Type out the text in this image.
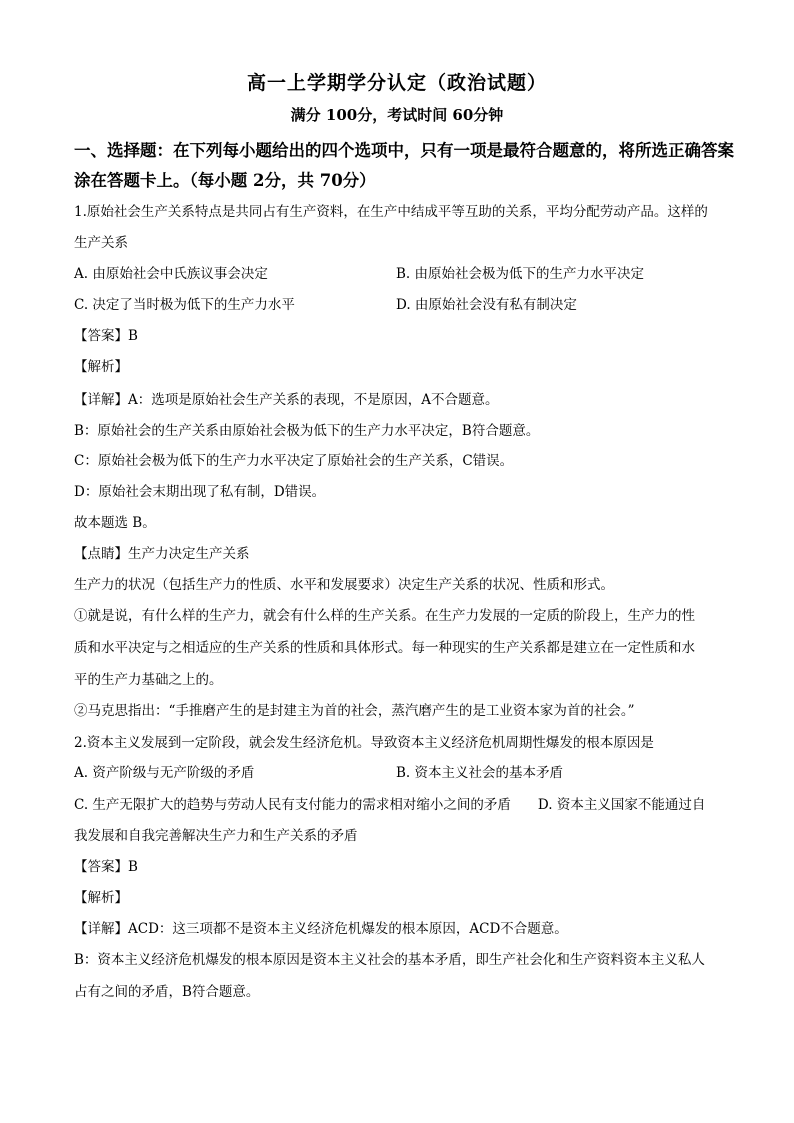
高一上学期学分认定（政治试题）
满分 100分，考试时间 60分钟
一、选择题：在下列每小题给出的四个选项中，只有一项是最符合题意的，将所选正确答案
涂在答题卡上。（每小题 2分，共 70分）
1.原始社会生产关系特点是共同占有生产资料，在生产中结成平等互助的关系，平均分配劳动产品。这样的
生产关系
A. 由原始社会中氏族议事会决定	B. 由原始社会极为低下的生产力水平决定
C. 决定了当时极为低下的生产力水平	D. 由原始社会没有私有制决定
【答案】B
【解析】
【详解】A：选项是原始社会生产关系的表现，不是原因，A不合题意。
B：原始社会的生产关系由原始社会极为低下的生产力水平决定，B符合题意。
C：原始社会极为低下的生产力水平决定了原始社会的生产关系，C错误。
D：原始社会末期出现了私有制，D错误。
故本题选 B。
【点睛】生产力决定生产关系
生产力的状况（包括生产力的性质、水平和发展要求）决定生产关系的状况、性质和形式。
①就是说，有什么样的生产力，就会有什么样的生产关系。在生产力发展的一定质的阶段上，生产力的性
质和水平决定与之相适应的生产关系的性质和具体形式。每一种现实的生产关系都是建立在一定性质和水
平的生产力基础之上的。
②马克思指出：“手推磨产生的是封建主为首的社会，蒸汽磨产生的是工业资本家为首的社会。”
2.资本主义发展到一定阶段，就会发生经济危机。导致资本主义经济危机周期性爆发的根本原因是
A. 资产阶级与无产阶级的矛盾	B. 资本主义社会的基本矛盾
C. 生产无限扩大的趋势与劳动人民有支付能力的需求相对缩小之间的矛盾　　D. 资本主义国家不能通过自
我发展和自我完善解决生产力和生产关系的矛盾
【答案】B
【解析】
【详解】ACD：这三项都不是资本主义经济危机爆发的根本原因，ACD不合题意。
B：资本主义经济危机爆发的根本原因是资本主义社会的基本矛盾，即生产社会化和生产资料资本主义私人
占有之间的矛盾，B符合题意。
